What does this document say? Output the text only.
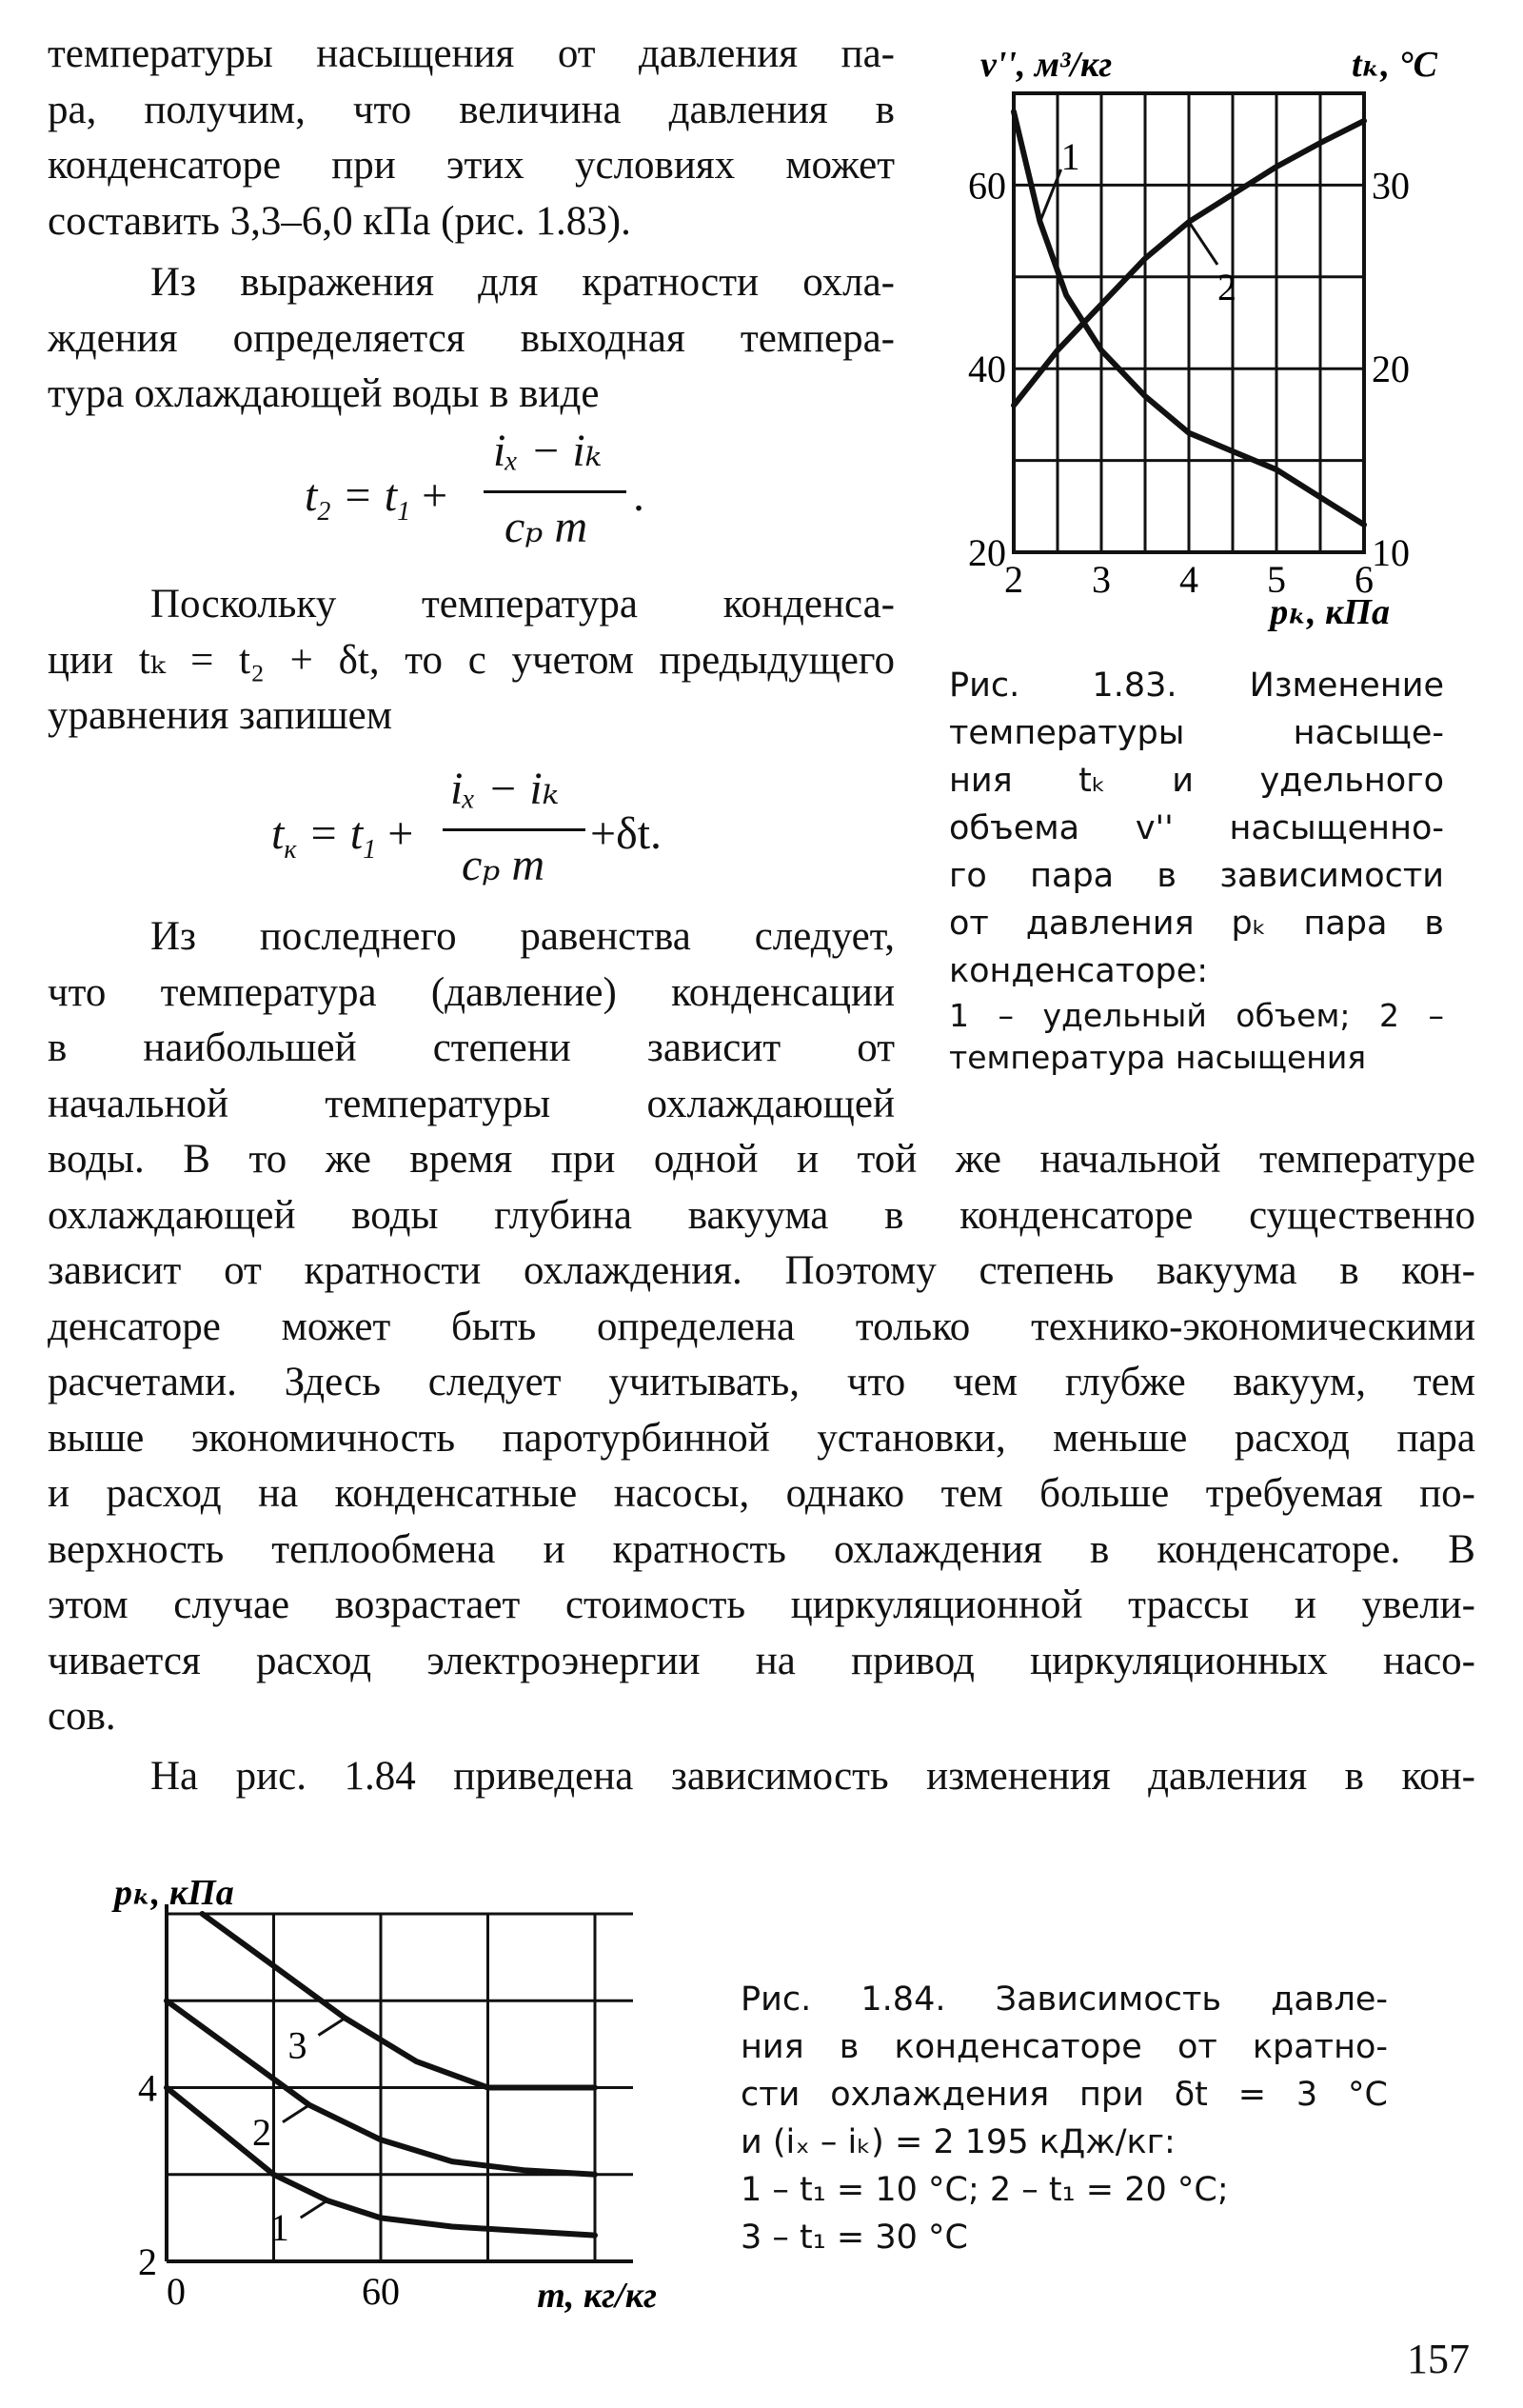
температуры насыщения от давления па-
ра, получим, что величина давления в
конденсаторе при этих условиях может
составить 3,3–6,0 кПа (рис. 1.83).
Из выражения для кратности охла-
ждения определяется выходная темпера-
тура охлаждающей воды в виде
$t_2 = t_1$ +
iₓ − iₖ
cₚ m
.
Поскольку температура конденса-
ции tₖ = t₂ + δt, то с учетом предыдущего
уравнения запишем
$t_к = t_1$ +
iₓ − iₖ
cₚ m
+δt.
Из последнего равенства следует,
что температура (давление) конденсации
в наибольшей степени зависит от
начальной температуры охлаждающей
воды. В то же время при одной и той же начальной температуре
охлаждающей воды глубина вакуума в конденсаторе существенно
зависит от кратности охлаждения. Поэтому степень вакуума в кон-
денсаторе может быть определена только технико-экономическими
расчетами. Здесь следует учитывать, что чем глубже вакуум, тем
выше экономичность паротурбинной установки, меньше расход пара
и расход на конденсатные насосы, однако тем больше требуемая по-
верхность теплообмена и кратность охлаждения в конденсаторе. В
этом случае возрастает стоимость циркуляционной трассы и увели-
чивается расход электроэнергии на привод циркуляционных насо-
сов.
На рис. 1.84 приведена зависимость изменения давления в кон-
2 3 4 5 6
20
40
60
10
20
30
v'', м³/кг	tₖ, °С
pₖ, кПа
1
2
Рис. 1.83. Изменение
температуры насыще-
ния tₖ и удельного
объема v'' насыщенно-
го пара в зависимости
от давления pₖ пара в
конденсаторе:
1 – удельный объем; 2 –
температура насыщения
0	60
2
4
pₖ, кПа
m, кг/кг
1
2
3
Рис. 1.84. Зависимость давле-
ния в конденсаторе от кратно-
сти охлаждения при δt = 3 °С
и (iₓ – iₖ) = 2 195 кДж/кг:
1 – t₁ = 10 °С; 2 – t₁ = 20 °С;
3 – t₁ = 30 °С
157
